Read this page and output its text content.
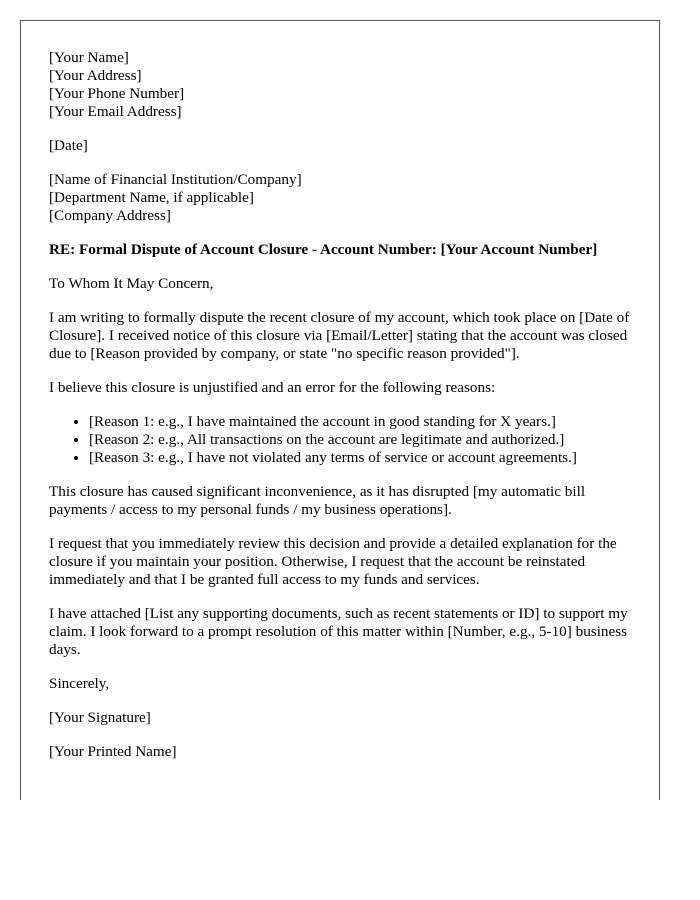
[Your Name]
[Your Address]
[Your Phone Number]
[Your Email Address]
[Date]
[Name of Financial Institution/Company]
[Department Name, if applicable]
[Company Address]
RE: Formal Dispute of Account Closure - Account Number: [Your Account Number]
To Whom It May Concern,
I am writing to formally dispute the recent closure of my account, which took place on [Date of Closure]. I received notice of this closure via [Email/Letter] stating that the account was closed due to [Reason provided by company, or state "no specific reason provided"].
I believe this closure is unjustified and an error for the following reasons:
• [Reason 1: e.g., I have maintained the account in good standing for X years.]
• [Reason 2: e.g., All transactions on the account are legitimate and authorized.]
• [Reason 3: e.g., I have not violated any terms of service or account agreements.]
This closure has caused significant inconvenience, as it has disrupted [my automatic bill payments / access to my personal funds / my business operations].
I request that you immediately review this decision and provide a detailed explanation for the closure if you maintain your position. Otherwise, I request that the account be reinstated immediately and that I be granted full access to my funds and services.
I have attached [List any supporting documents, such as recent statements or ID] to support my claim. I look forward to a prompt resolution of this matter within [Number, e.g., 5-10] business days.
Sincerely,
[Your Signature]
[Your Printed Name]
